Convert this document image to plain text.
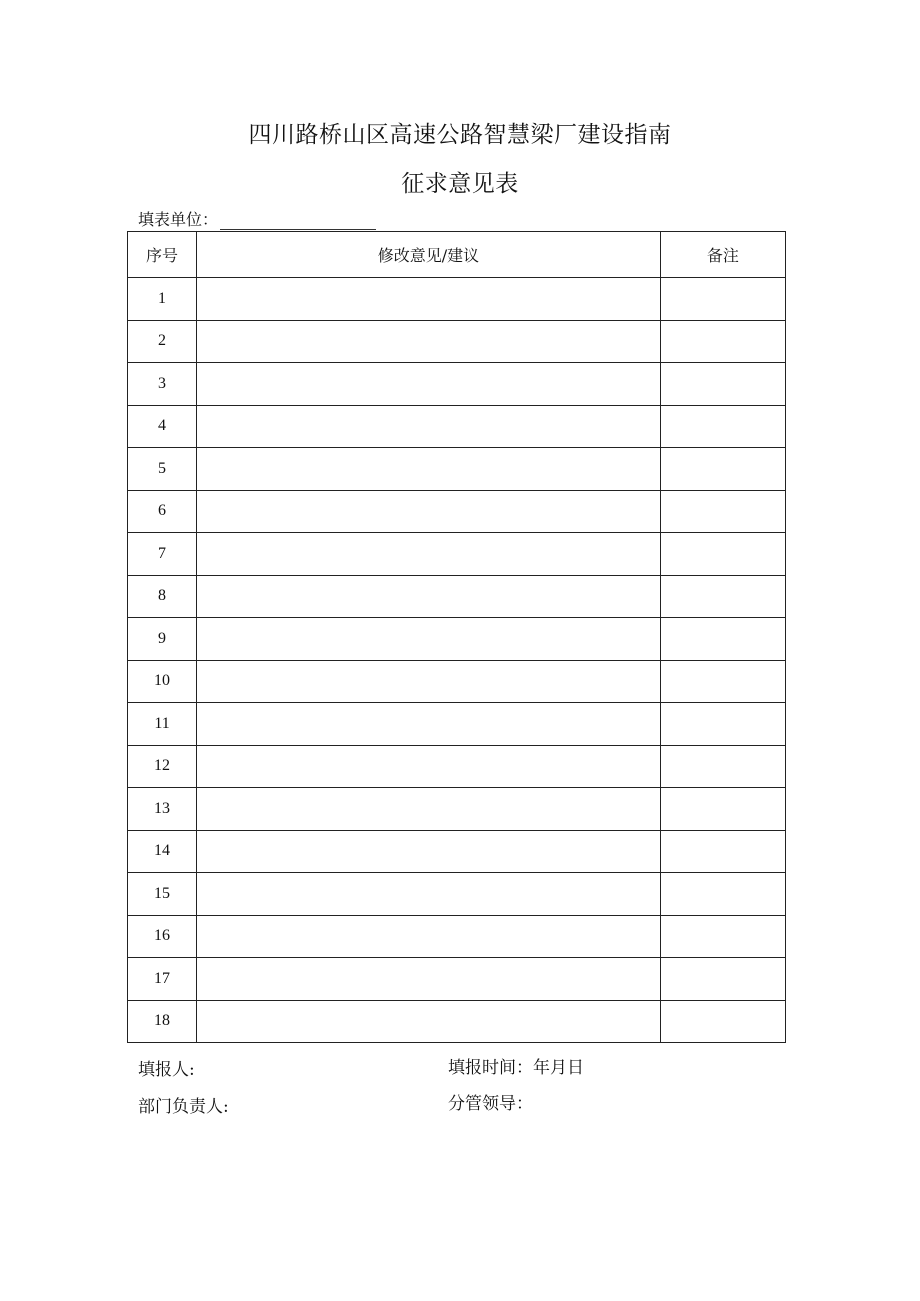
四川路桥山区高速公路智慧梁厂建设指南
征求意见表
填表单位：
序号	修改意见/建议	备注
1		
2		
3		
4		
5		
6		
7		
8		
9		
10		
11		
12		
13		
14		
15		
16		
17		
18		
填报人:	填报时间：年月日
部门负责人:	分管领导：
